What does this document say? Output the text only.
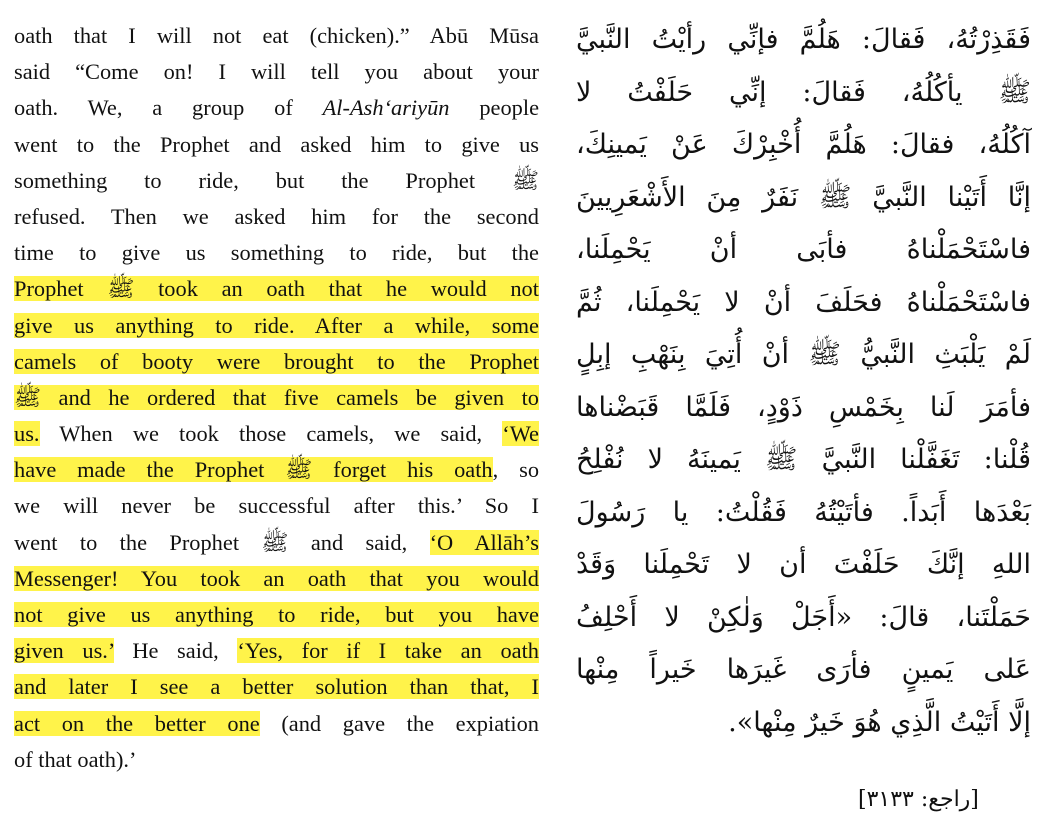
oath that I will not eat (chicken).” Abū Mūsa
said “Come on! I will tell you about your
oath. We, a group of Al-Ash‘ariyūn people
went to the Prophet and asked him to give us
something to ride, but the Prophet ﷺ
refused. Then we asked him for the second
time to give us something to ride, but the
Prophet ﷺ took an oath that he would not
give us anything to ride. After a while, some
camels of booty were brought to the Prophet
ﷺ and he ordered that five camels be given to
us. When we took those camels, we said, ‘We
have made the Prophet ﷺ forget his oath, so
we will never be successful after this.’ So I
went to the Prophet ﷺ and said, ‘O Allāh’s
Messenger! You took an oath that you would
not give us anything to ride, but you have
given us.’ He said, ‘Yes, for if I take an oath
and later I see a better solution than that, I
act on the better one (and gave the expiation
of that oath).’
فَقَذِرْتُهُ، فَقالَ: هَلُمَّ فإنِّي رأيْتُ النَّبيَّ
ﷺ يأكُلُهُ، فَقالَ: إنِّي حَلَفْتُ لا
آكُلُهُ، فقالَ: هَلُمَّ أُخْبِرْكَ عَنْ يَمينِكَ،
إنَّا أَتَيْنا النَّبيَّ ﷺ نَفَرٌ مِنَ الأَشْعَرِيينَ
فاسْتَحْمَلْناهُ فأبَى أنْ يَحْمِلَنا،
فاسْتَحْمَلْناهُ فحَلَفَ أنْ لا يَحْمِلَنا، ثُمَّ
لَمْ يَلْبَثِ النَّبيُّ ﷺ أنْ أُتِيَ بِنَهْبِ إبِلٍ
فأمَرَ لَنا بِخَمْسِ ذَوْدٍ، فَلَمَّا قَبَضْناها
قُلْنا: تَغَفَّلْنا النَّبيَّ ﷺ يَمينَهُ لا نُفْلِحُ
بَعْدَها أَبَداً. فأتَيْتُهُ فَقُلْتُ: يا رَسُولَ
اللهِ إنَّكَ حَلَفْتَ أن لا تَحْمِلَنا وَقَدْ
حَمَلْتَنا، قالَ: «أَجَلْ وَلٰكِنْ لا أَحْلِفُ
عَلى يَمينٍ فأرَى غَيرَها خَيراً مِنْها
إلَّا أَتَيْتُ الَّذِي هُوَ خَيرٌ مِنْها».
[راجع: ٣١٣٣]
